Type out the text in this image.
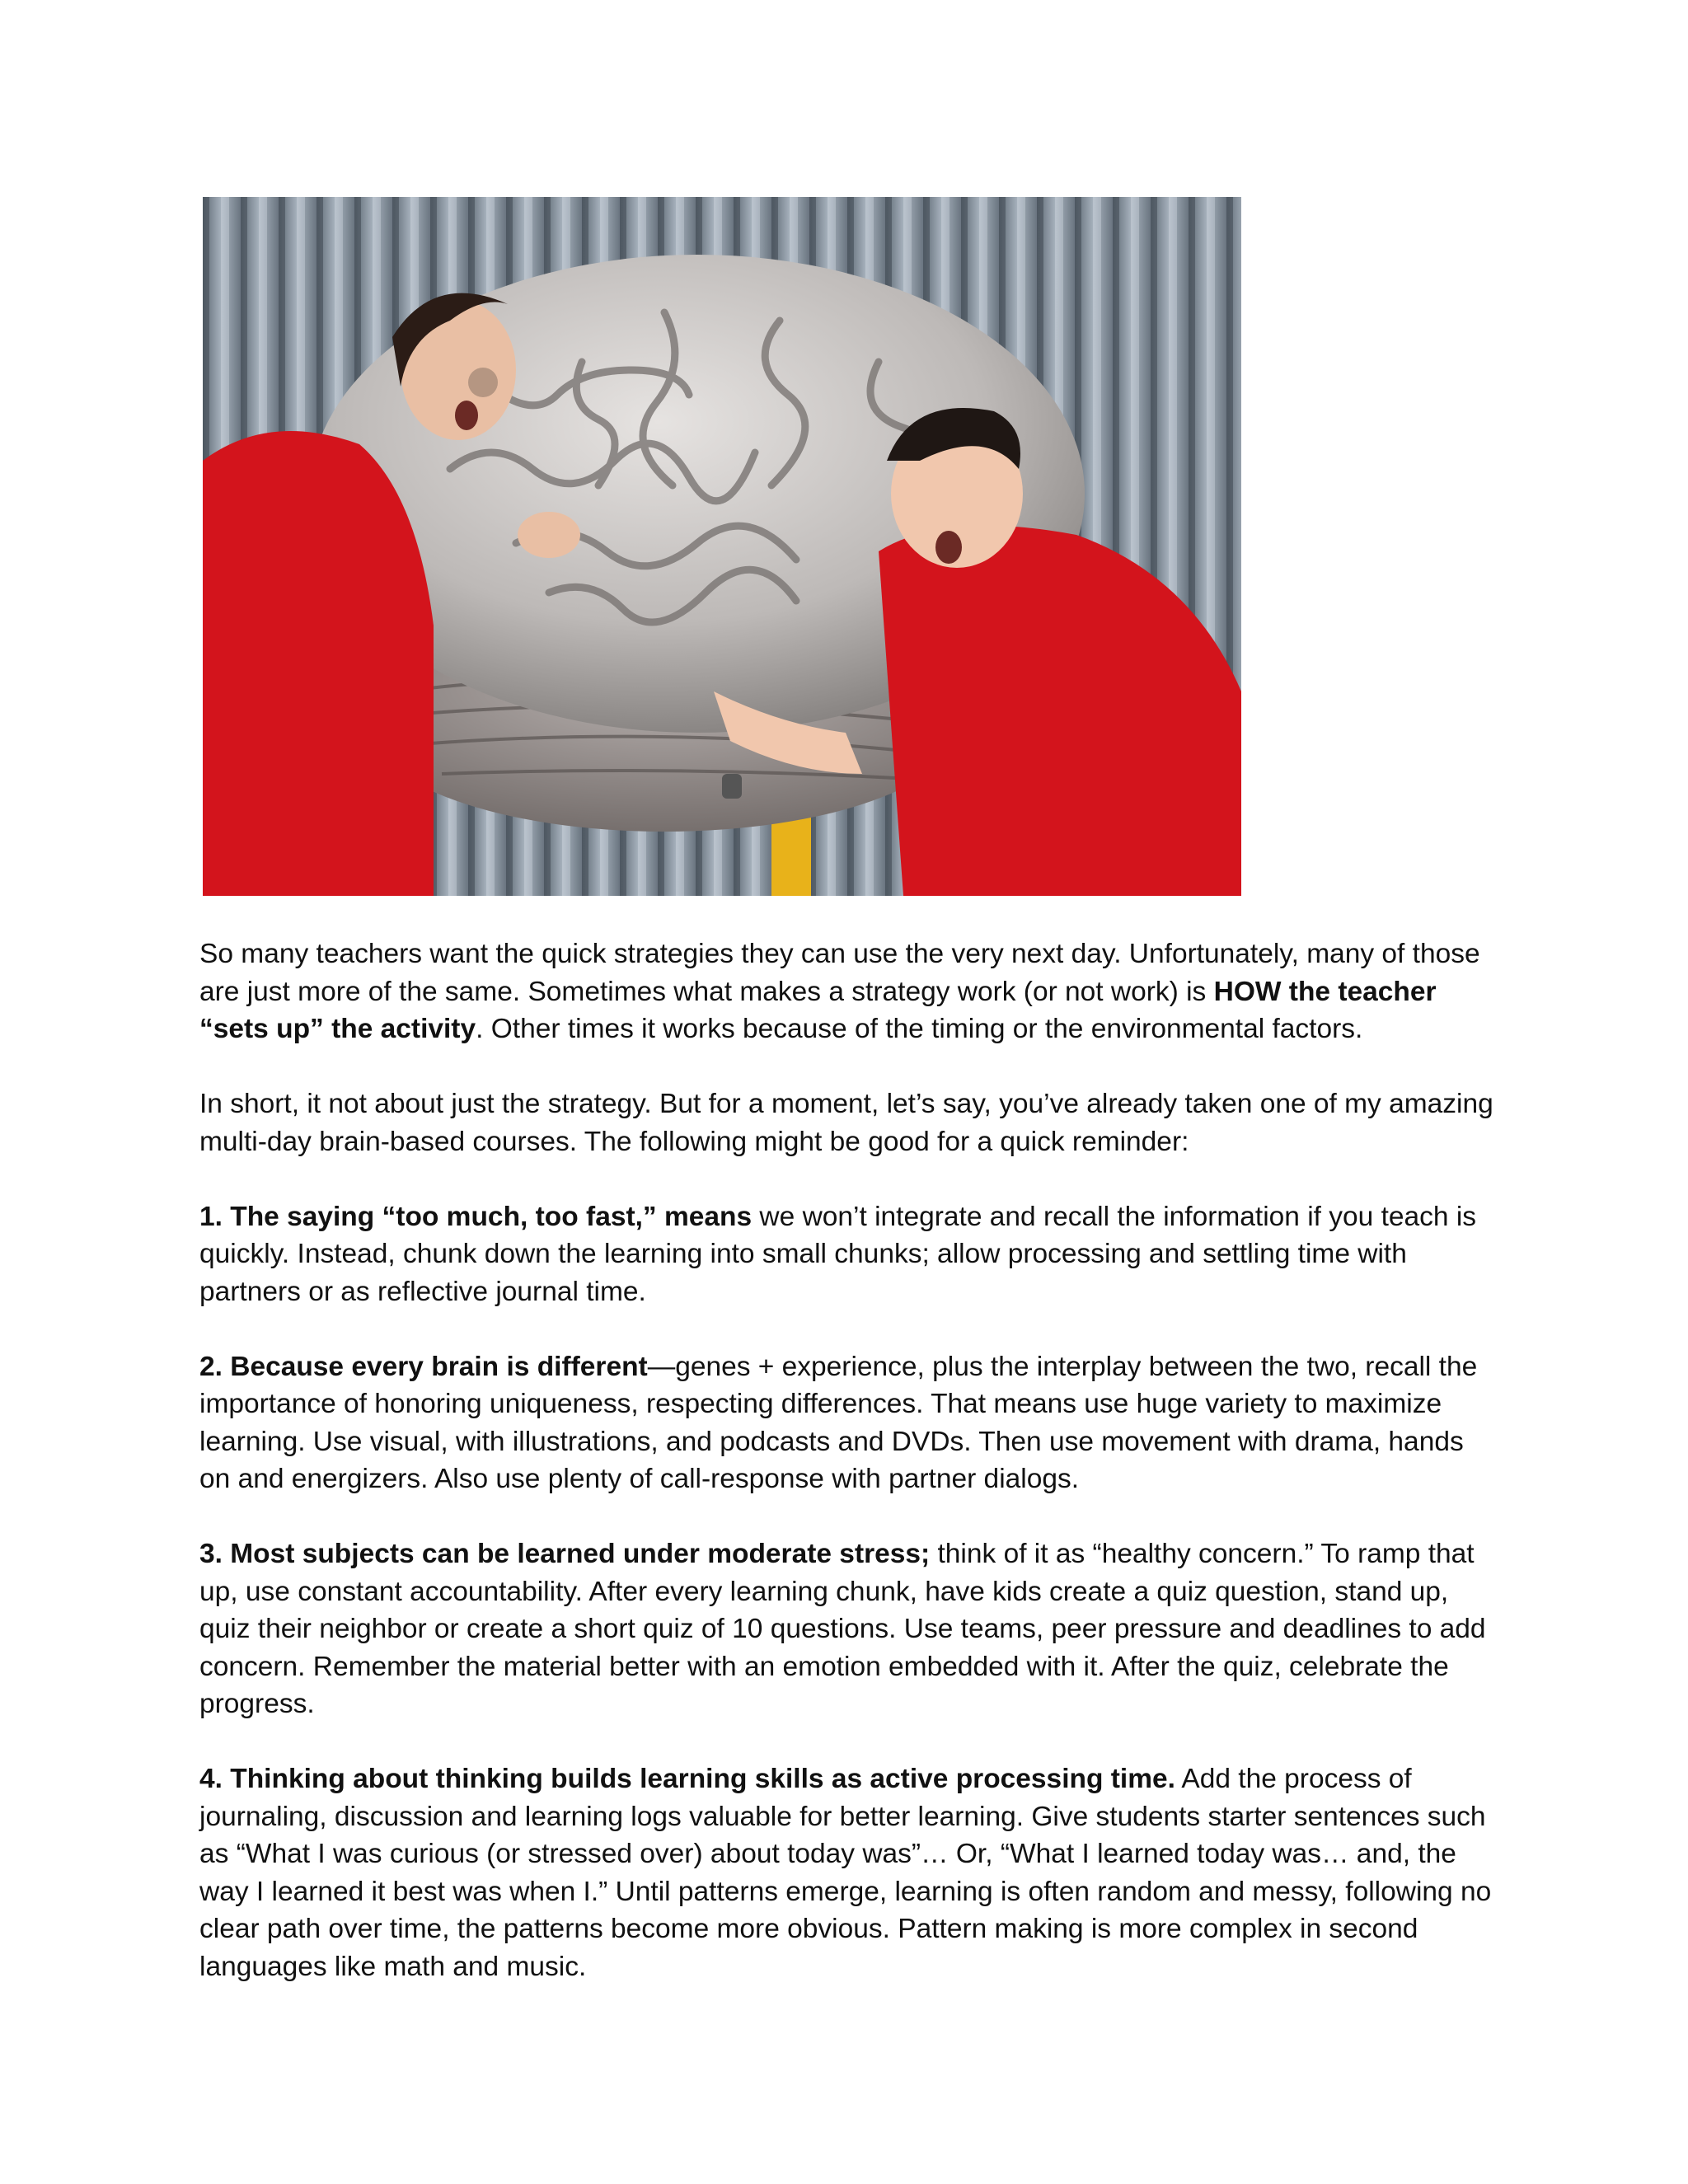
So many teachers want the quick strategies they can use the very next day. Unfortunately, many of those are just more of the same. Sometimes what makes a strategy work (or not work) is HOW the teacher “sets up” the activity. Other times it works because of the timing or the environmental factors.

In short, it not about just the strategy. But for a moment, let’s say, you’ve already taken one of my amazing multi-day brain-based courses. The following might be good for a quick reminder:

1. The saying “too much, too fast,” means we won’t integrate and recall the information if you teach is quickly. Instead, chunk down the learning into small chunks; allow processing and settling time with partners or as reflective journal time.

2. Because every brain is different—genes + experience, plus the interplay between the two, recall the importance of honoring uniqueness, respecting differences. That means use huge variety to maximize learning. Use visual, with illustrations, and podcasts and DVDs. Then use movement with drama, hands on and energizers. Also use plenty of call-response with partner dialogs.

3. Most subjects can be learned under moderate stress; think of it as “healthy concern.” To ramp that up, use constant accountability. After every learning chunk, have kids create a quiz question, stand up, quiz their neighbor or create a short quiz of 10 questions. Use teams, peer pressure and deadlines to add concern. Remember the material better with an emotion embedded with it. After the quiz, celebrate the progress.

4. Thinking about thinking builds learning skills as active processing time. Add the process of journaling, discussion and learning logs valuable for better learning. Give students starter sentences such as “What I was curious (or stressed over) about today was”… Or, “What I learned today was… and, the way I learned it best was when I.” Until patterns emerge, learning is often random and messy, following no clear path over time, the patterns become more obvious. Pattern making is more complex in second languages like math and music.
